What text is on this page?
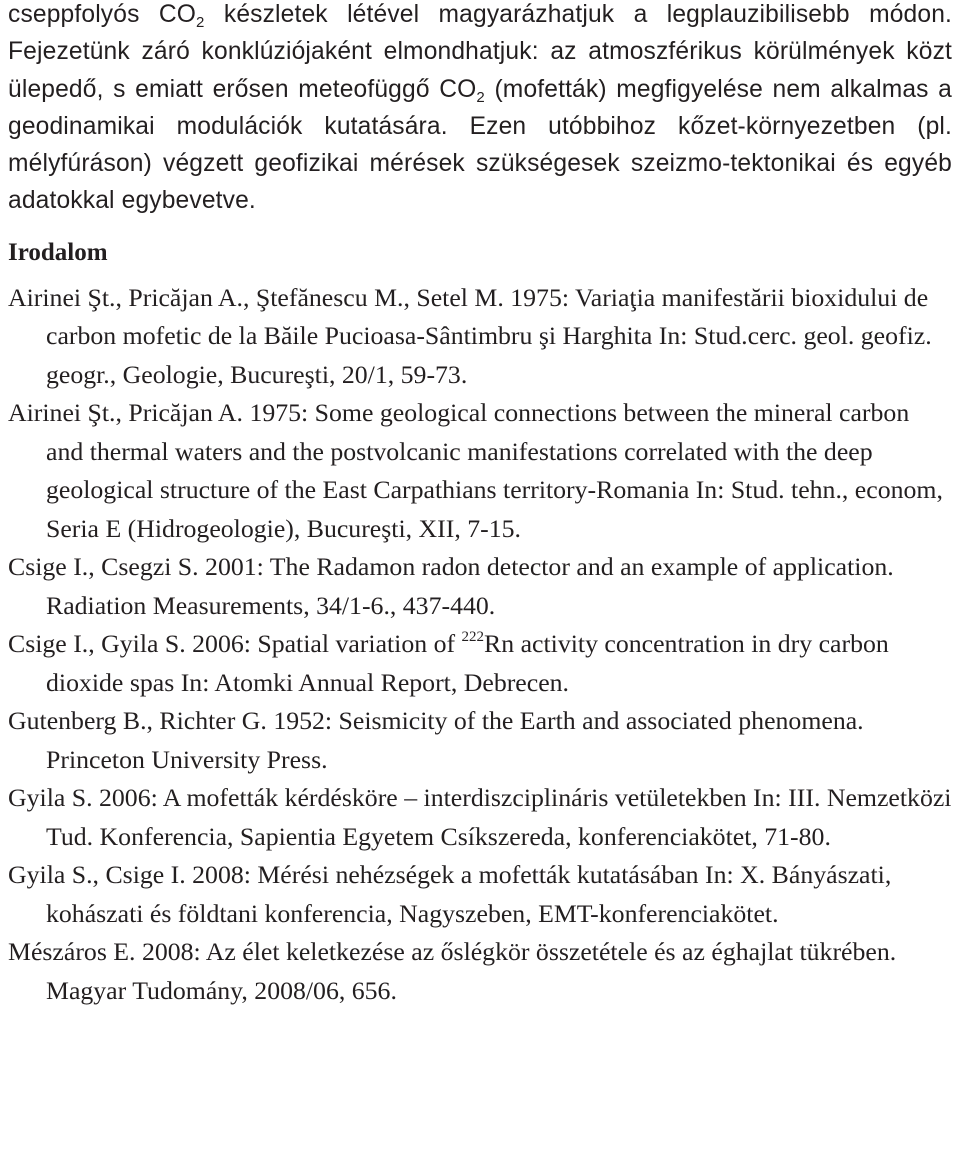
cseppfolyós $CO_2$ készletek létével magyarázhatjuk a legplauzibilisebb módon. Fejezetünk záró konklúziójaként elmondhatjuk: az atmoszférikus körülmények közt ülepedő, s emiatt erősen meteofüggő $CO_2$ (mofetták) megfigyelése nem alkalmas a geodinamikai modulációk kutatására. Ezen utóbbihoz kőzet-környezetben (pl. mélyfúráson) végzett geofizikai mérések szükségesek szeizmo-tektonikai és egyéb adatokkal egybevetve.

Irodalom
Airinei Şt., Pricăjan A., Ştefănescu M., Setel M. 1975: Variaţia manifestării bioxidului de carbon mofetic de la Băile Pucioasa-Sântimbru şi Harghita In: Stud.cerc. geol. geofiz. geogr., Geologie, Bucureşti, 20/1, 59-73.
Airinei Şt., Pricăjan A. 1975: Some geological connections between the mineral carbon and thermal waters and the postvolcanic manifestations correlated with the deep geological structure of the East Carpathians territory-Romania In: Stud. tehn., econom, Seria E (Hidrogeologie), Bucureşti, XII, 7-15.
Csige I., Csegzi S. 2001: The Radamon radon detector and an example of application. Radiation Measurements, 34/1-6., 437-440.
Csige I., Gyila S. 2006: Spatial variation of $^{222}$Rn activity concentration in dry carbon dioxide spas In: Atomki Annual Report, Debrecen.
Gutenberg B., Richter G. 1952: Seismicity of the Earth and associated phenomena. Princeton University Press.
Gyila S. 2006: A mofetták kérdésköre – interdiszciplináris vetületekben In: III. Nemzetközi Tud. Konferencia, Sapientia Egyetem Csíkszereda, konferenciakötet, 71-80.
Gyila S., Csige I. 2008: Mérési nehézségek a mofetták kutatásában In: X. Bányászati, kohászati és földtani konferencia, Nagyszeben, EMT-konferenciakötet.
Mészáros E. 2008: Az élet keletkezése az őslégkör összetétele és az éghajlat tükrében. Magyar Tudomány, 2008/06, 656.
